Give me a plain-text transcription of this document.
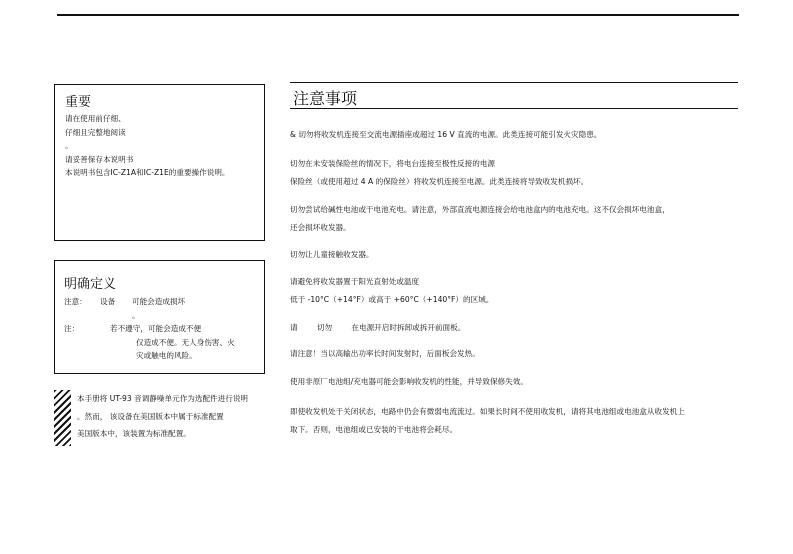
重要
请在使用前仔细、
仔细且完整地阅读
。
请妥善保存本说明书
本说明书包含IC-Z1A和IC-Z1E的重要操作说明。
明确定义
注意： 设备 可能会造成损坏
。
注：	若不遵守，可能会造成不便
仅造成不便。无人身伤害、火
灾或触电的风险。
本手册将 UT-93 音调静噪单元作为选配件进行说明
。然而， 该设备在美国版本中属于标准配置
美国版本中，该装置为标准配置。
注意事项
& 切勿将收发机连接至交流电源插座或超过 16 V 直流的电源。此类连接可能引发火灾隐患。
切勿在未安装保险丝的情况下，将电台连接至极性反接的电源
保险丝（或使用超过 4 A 的保险丝）将收发机连接至电源。此类连接将导致收发机损坏。
切勿尝试给碱性电池或干电池充电。请注意，外部直流电源连接会给电池盒内的电池充电。这不仅会损坏电池盒，
还会损坏收发器。
切勿让儿童接触收发器。
请避免将收发器置于阳光直射处或温度
低于 -10°C（+14°F）或高于 +60°C（+140°F）的区域。
请        切勿        在电源开启时拆卸或拆开前面板。
请注意！当以高输出功率长时间发射时，后面板会发热。
使用非原厂电池组/充电器可能会影响收发机的性能，并导致保修失效。
即使收发机处于关闭状态，电路中仍会有微弱电流流过。如果长时间不使用收发机，请将其电池组或电池盒从收发机上
取下。否则，电池组或已安装的干电池将会耗尽。
